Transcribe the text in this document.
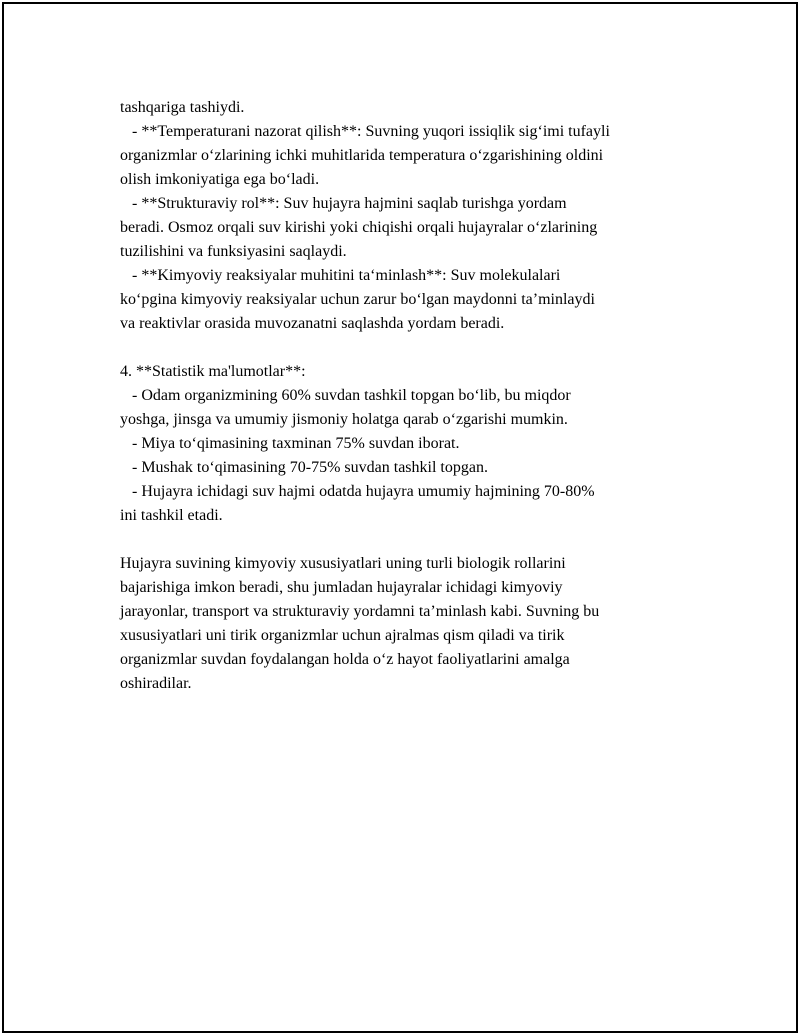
tashqariga tashiydi.
- **Temperaturani nazorat qilish**: Suvning yuqori issiqlik sig‘imi tufayli
organizmlar o‘zlarining ichki muhitlarida temperatura o‘zgarishining oldini
olish imkoniyatiga ega bo‘ladi.
- **Strukturaviy rol**: Suv hujayra hajmini saqlab turishga yordam
beradi. Osmoz orqali suv kirishi yoki chiqishi orqali hujayralar o‘zlarining
tuzilishini va funksiyasini saqlaydi.
- **Kimyoviy reaksiyalar muhitini ta‘minlash**: Suv molekulalari
ko‘pgina kimyoviy reaksiyalar uchun zarur bo‘lgan maydonni ta’minlaydi
va reaktivlar orasida muvozanatni saqlashda yordam beradi.
4. **Statistik ma'lumotlar**:
- Odam organizmining 60% suvdan tashkil topgan bo‘lib, bu miqdor
yoshga, jinsga va umumiy jismoniy holatga qarab o‘zgarishi mumkin.
- Miya to‘qimasining taxminan 75% suvdan iborat.
- Mushak to‘qimasining 70-75% suvdan tashkil topgan.
- Hujayra ichidagi suv hajmi odatda hujayra umumiy hajmining 70-80%
ini tashkil etadi.
Hujayra suvining kimyoviy xususiyatlari uning turli biologik rollarini
bajarishiga imkon beradi, shu jumladan hujayralar ichidagi kimyoviy
jarayonlar, transport va strukturaviy yordamni ta’minlash kabi. Suvning bu
xususiyatlari uni tirik organizmlar uchun ajralmas qism qiladi va tirik
organizmlar suvdan foydalangan holda o‘z hayot faoliyatlarini amalga
oshiradilar.
